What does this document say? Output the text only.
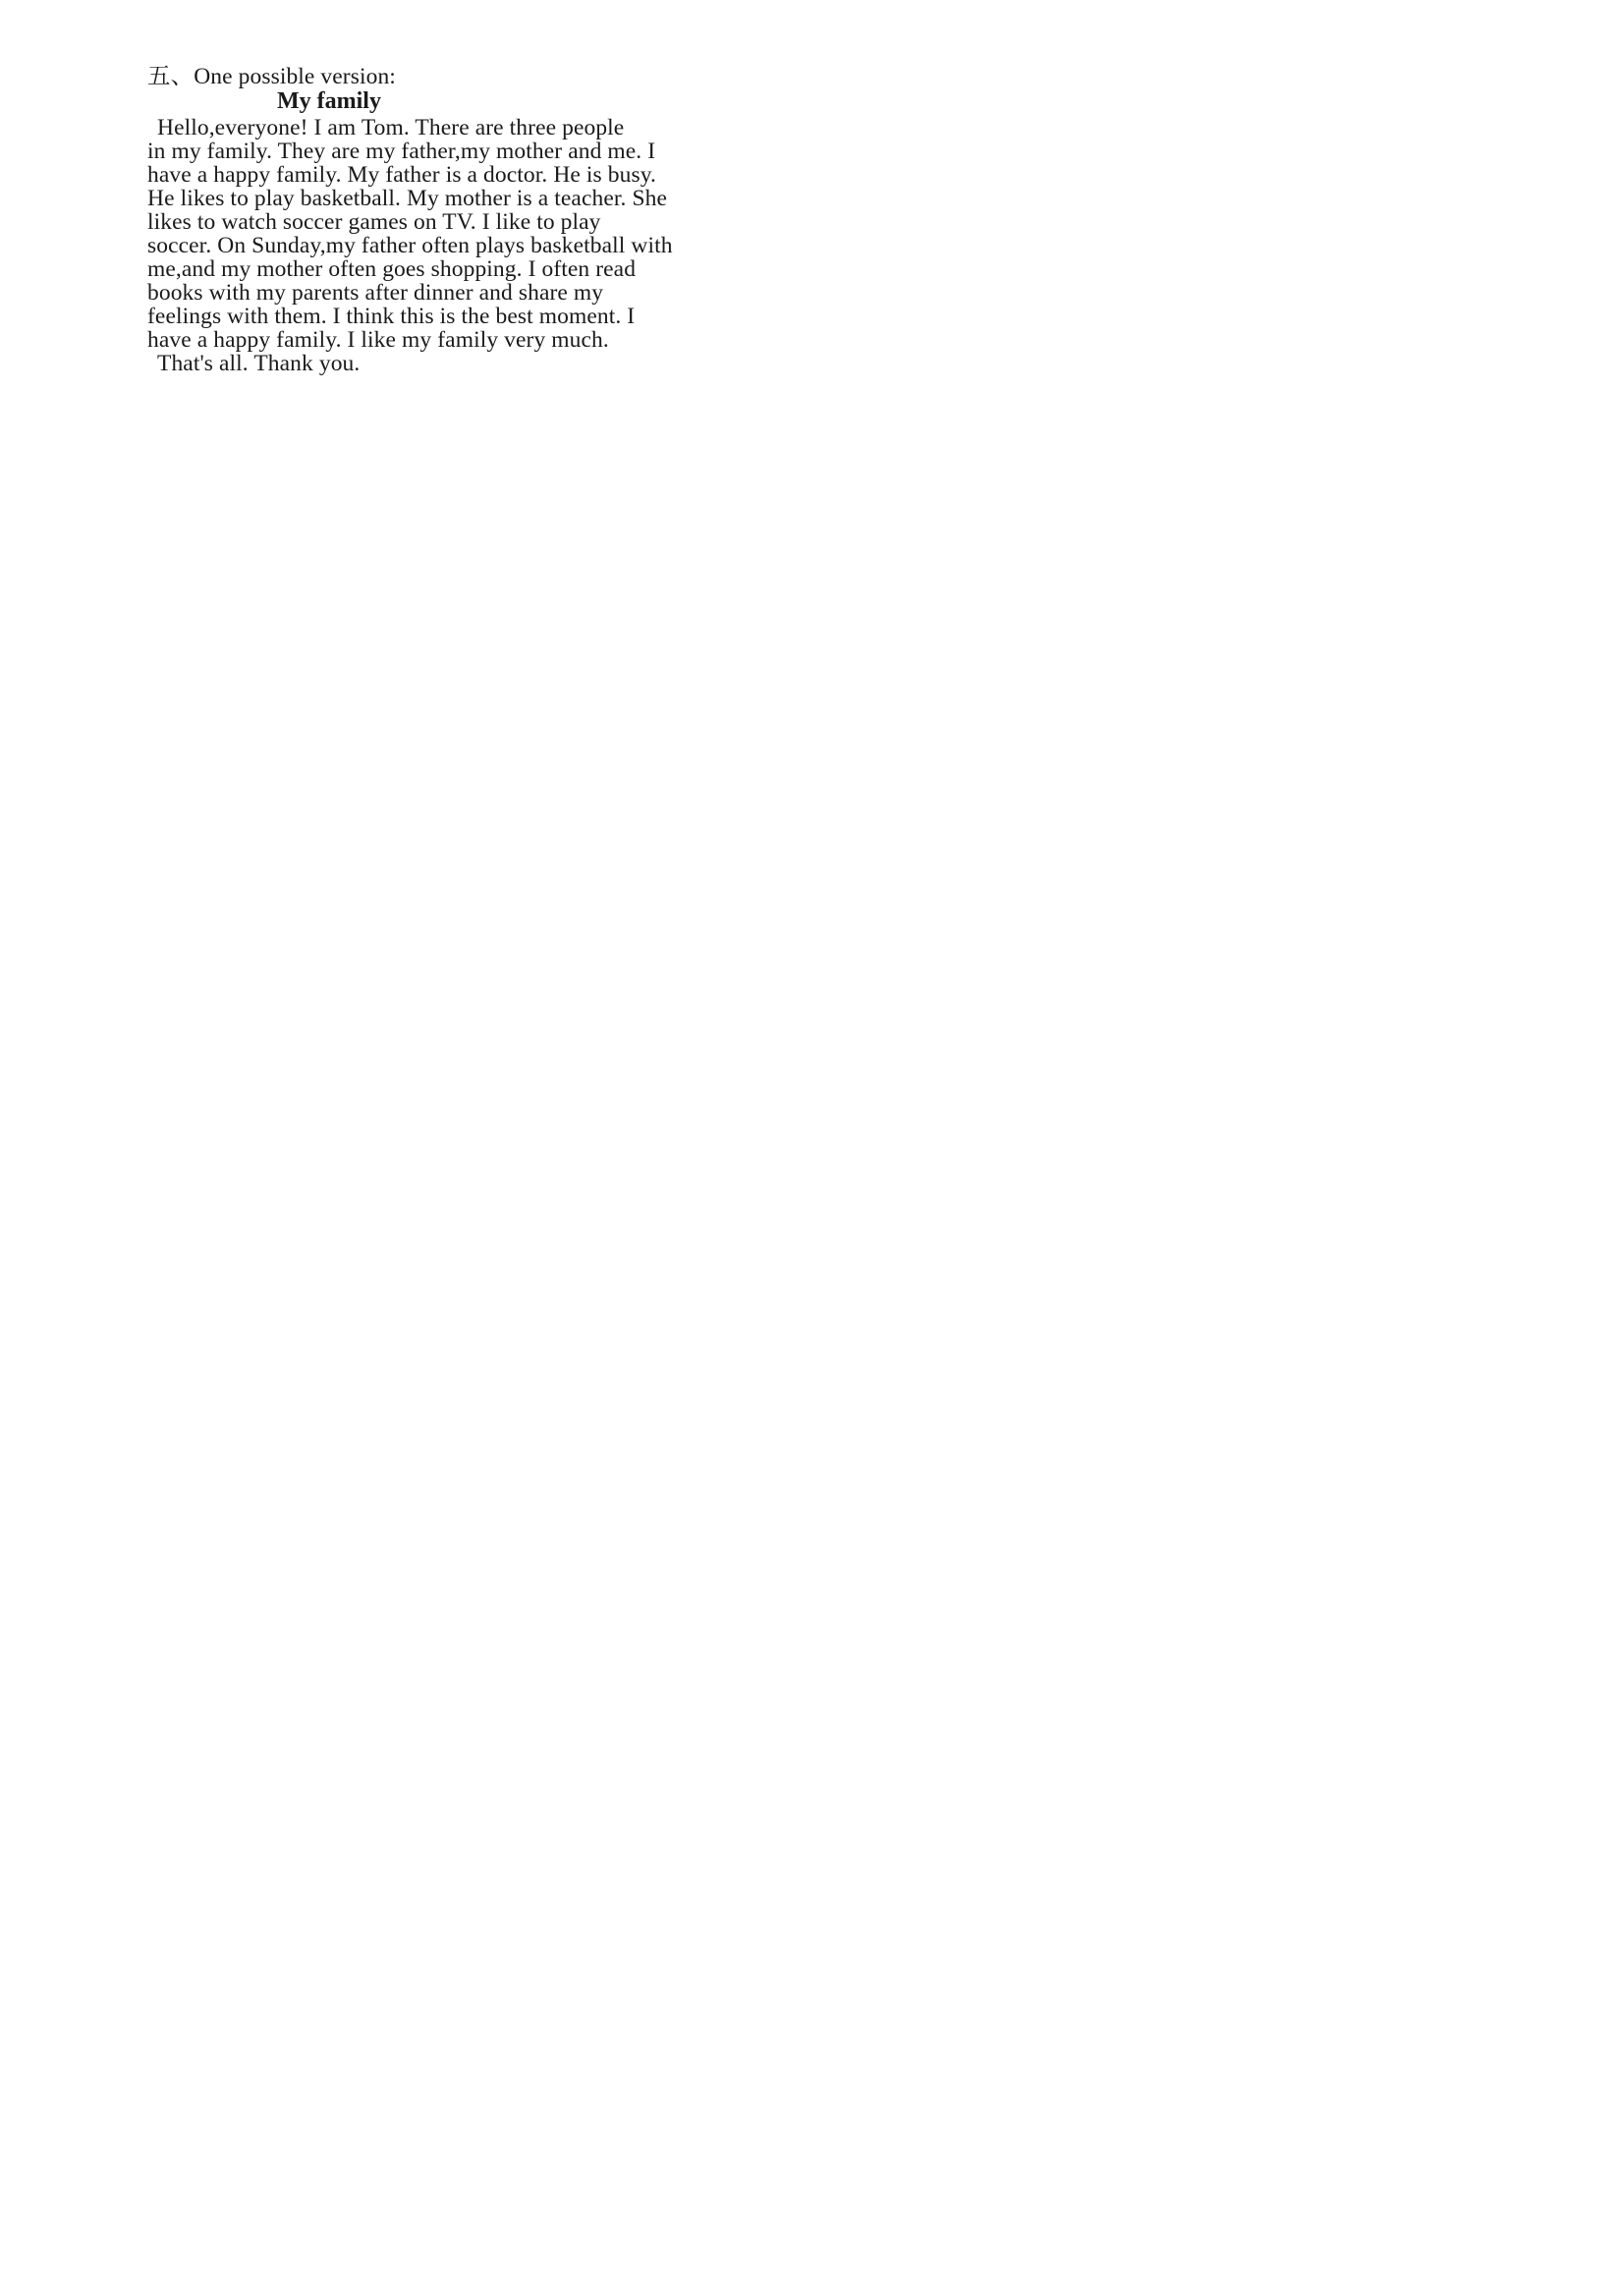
五、One possible version:
My family
Hello,everyone! I am Tom. There are three people
in my family. They are my father,my mother and me. I
have a happy family. My father is a doctor. He is busy.
He likes to play basketball. My mother is a teacher. She
likes to watch soccer games on TV. I like to play
soccer. On Sunday,my father often plays basketball with
me,and my mother often goes shopping. I often read
books with my parents after dinner and share my
feelings with them. I think this is the best moment. I
have a happy family. I like my family very much.
That's all. Thank you.
